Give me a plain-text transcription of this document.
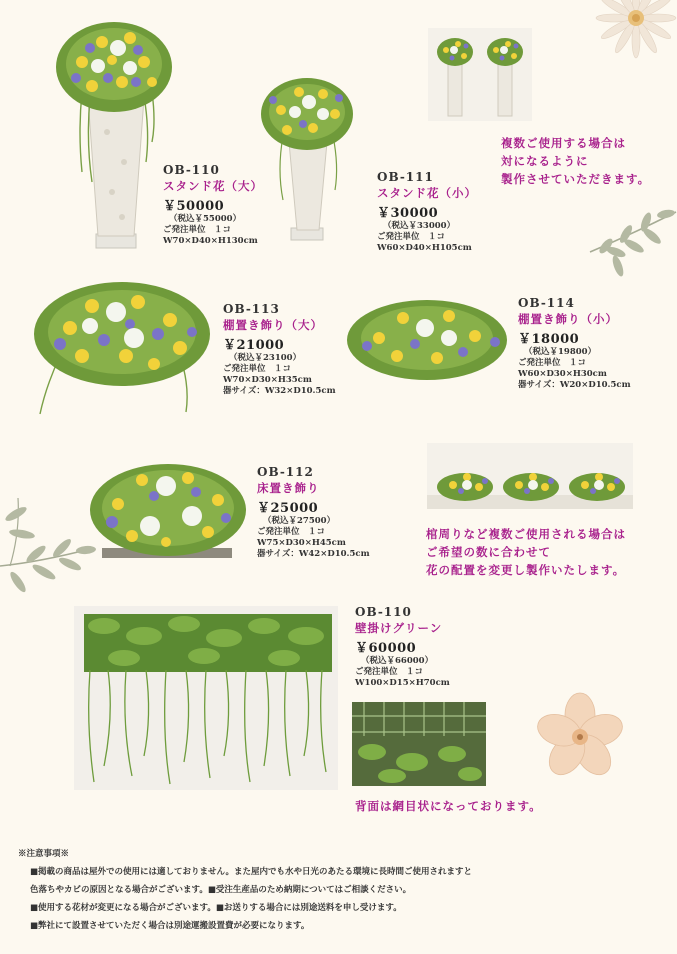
OB-110
スタンド花（大）
￥50000
（税込￥55000）
ご発注単位　１コ
W70×D40×H130cm
OB-111
スタンド花（小）
￥30000
（税込￥33000）
ご発注単位　１コ
W60×D40×H105cm
複数ご使用する場合は
対になるように
製作させていただきます。
OB-113
棚置き飾り（大）
￥21000
（税込￥23100）
ご発注単位　１コ
W70×D30×H35cm
器サイズ：W32×D10.5cm
OB-114
棚置き飾り（小）
￥18000
（税込￥19800）
ご発注単位　１コ
W60×D30×H30cm
器サイズ：W20×D10.5cm
OB-112
床置き飾り
￥25000
（税込￥27500）
ご発注単位　１コ
W75×D30×H45cm
器サイズ：W42×D10.5cm
棺周りなど複数ご使用される場合は
ご希望の数に合わせて
花の配置を変更し製作いたします。
OB-110
壁掛けグリーン
￥60000
（税込￥66000）
ご発注単位　１コ
W100×D15×H70cm
背面は網目状になっております。
※注意事項※
■掲載の商品は屋外での使用には適しておりません。また屋内でも水や日光のあたる環境に長時間ご使用されますと
色落ちやカビの原因となる場合がございます。■受注生産品のため納期についてはご相談ください。
■使用する花材が変更になる場合がございます。■お送りする場合には別途送料を申し受けます。
■弊社にて設置させていただく場合は別途運搬設置費が必要になります。
